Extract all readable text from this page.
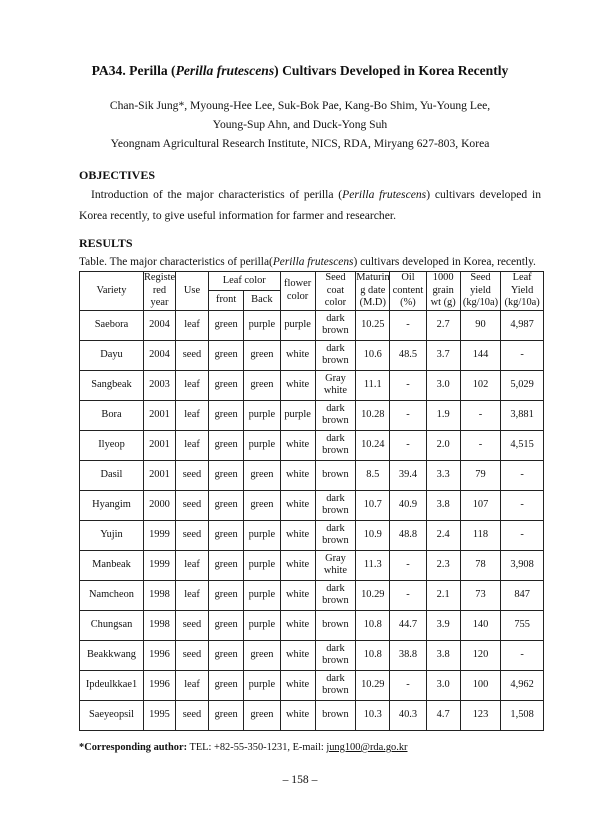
PA34. Perilla (Perilla frutescens) Cultivars Developed in Korea Recently
Chan-Sik Jung*, Myoung-Hee Lee, Suk-Bok Pae, Kang-Bo Shim, Yu-Young Lee,
Young-Sup Ahn, and Duck-Yong Suh
Yeongnam Agricultural Research Institute, NICS, RDA, Miryang 627-803, Korea
OBJECTIVES
Introduction of the major characteristics of perilla (Perilla frutescens) cultivars developed in Korea recently, to give useful information for farmer and researcher.
RESULTS
Table. The major characteristics of perilla(Perilla frutescens) cultivars developed in Korea, recently.
Variety	Registe red year	Use	Leaf color		flower color	Seed coat color	Maturin g date (M.D)	Oil content (%)	1000 grain wt (g)	Seed yield (kg/10a)	Leaf Yield (kg/10a)
			front	Back							
Saebora	2004	leaf	green	purple	purple	dark brown	10.25	-	2.7	90	4,987
Dayu	2004	seed	green	green	white	dark brown	10.6	48.5	3.7	144	-
Sangbeak	2003	leaf	green	green	white	Gray white	11.1	-	3.0	102	5,029
Bora	2001	leaf	green	purple	purple	dark brown	10.28	-	1.9	-	3,881
Ilyeop	2001	leaf	green	purple	white	dark brown	10.24	-	2.0	-	4,515
Dasil	2001	seed	green	green	white	brown	8.5	39.4	3.3	79	-
Hyangim	2000	seed	green	green	white	dark brown	10.7	40.9	3.8	107	-
Yujin	1999	seed	green	purple	white	dark brown	10.9	48.8	2.4	118	-
Manbeak	1999	leaf	green	purple	white	Gray white	11.3	-	2.3	78	3,908
Namcheon	1998	leaf	green	purple	white	dark brown	10.29	-	2.1	73	847
Chungsan	1998	seed	green	purple	white	brown	10.8	44.7	3.9	140	755
Beakkwang	1996	seed	green	green	white	dark brown	10.8	38.8	3.8	120	-
Ipdeulkkae1	1996	leaf	green	purple	white	dark brown	10.29	-	3.0	100	4,962
Saeyeopsil	1995	seed	green	green	white	brown	10.3	40.3	4.7	123	1,508
*Corresponding author: TEL: +82-55-350-1231, E-mail: jung100@rda.go.kr
– 158 –
